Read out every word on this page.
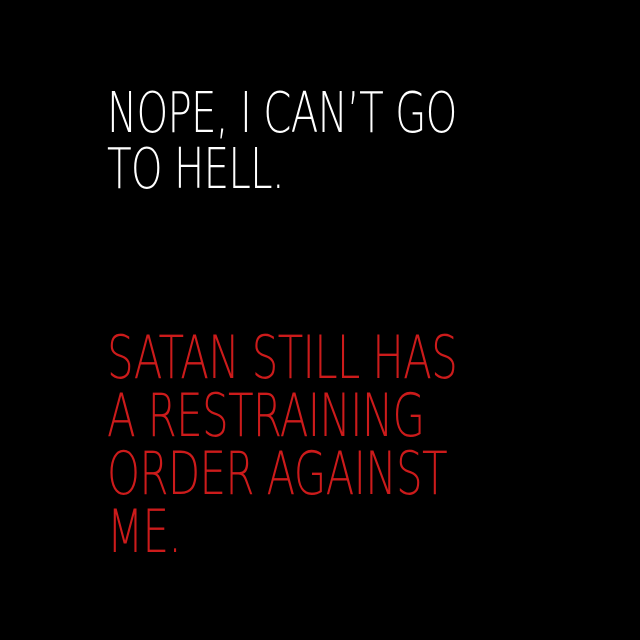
NOPE, I CAN’T GO
TO HELL.
SATAN STILL HAS
A RESTRAINING
ORDER AGAINST
ME.
